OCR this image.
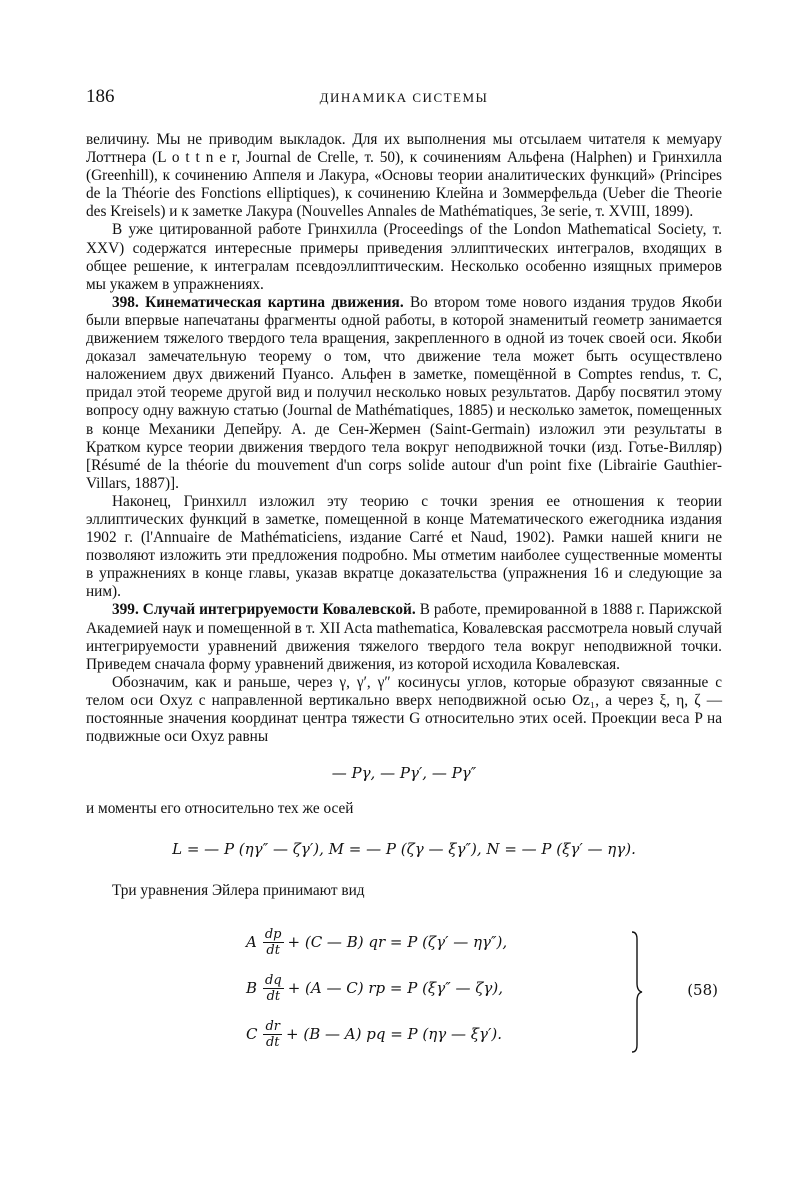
186	ДИНАМИКА СИСТЕМЫ

величину. Мы не приводим выкладок. Для их выполнения мы отсылаем читателя к мемуару Лоттнера (L o t t n e r, Journal de Crelle, т. 50), к сочинениям Альфена (Halphen) и Гринхилла (Greenhill), к сочинению Аппеля и Лакура, «Основы теории аналитических функций» (Principes de la Théorie des Fonctions elliptiques), к сочинению Клейна и Зоммерфельда (Ueber die Theorie des Kreisels) и к заметке Лакура (Nouvelles Annales de Mathématiques, 3e serie, т. XVIII, 1899).

В уже цитированной работе Гринхилла (Proceedings of the London Mathematical Society, т. XXV) содержатся интересные примеры приведения эллиптических интегралов, входящих в общее решение, к интегралам псевдоэллиптическим. Несколько особенно изящных примеров мы укажем в упражнениях.

398. Кинематическая картина движения. Во втором томе нового издания трудов Якоби были впервые напечатаны фрагменты одной работы, в которой знаменитый геометр занимается движением тяжелого твердого тела вращения, закрепленного в одной из точек своей оси. Якоби доказал замечательную теорему о том, что движение тела может быть осуществлено наложением двух движений Пуансо. Альфен в заметке, помещённой в Comptes rendus, т. C, придал этой теореме другой вид и получил несколько новых результатов. Дарбу посвятил этому вопросу одну важную статью (Journal de Mathématiques, 1885) и несколько заметок, помещенных в конце Механики Депейру. А. де Сен-Жермен (Saint-Germain) изложил эти результаты в Кратком курсе теории движения твердого тела вокруг неподвижной точки (изд. Готье-Вилляр) [Résumé de la théorie du mouvement d'un corps solide autour d'un point fixe (Librairie Gauthier-Villars, 1887)].

Наконец, Гринхилл изложил эту теорию с точки зрения ее отношения к теории эллиптических функций в заметке, помещенной в конце Математического ежегодника издания 1902 г. (l'Annuaire de Mathématiciens, издание Carré et Naud, 1902). Рамки нашей книги не позволяют изложить эти предложения подробно. Мы отметим наиболее существенные моменты в упражнениях в конце главы, указав вкратце доказательства (упражнения 16 и следующие за ним).

399. Случай интегрируемости Ковалевской. В работе, премированной в 1888 г. Парижской Академией наук и помещенной в т. XII Acta mathematica, Ковалевская рассмотрела новый случай интегрируемости уравнений движения тяжелого твердого тела вокруг неподвижной точки. Приведем сначала форму уравнений движения, из которой исходила Ковалевская.

Обозначим, как и раньше, через γ, γ′, γ″ косинусы углов, которые образуют связанные с телом оси Oxyz с направленной вертикально вверх неподвижной осью Oz₁, а через ξ, η, ζ — постоянные значения координат центра тяжести G относительно этих осей. Проекции веса P на подвижные оси Oxyz равны

— Pγ, — Pγ′, — Pγ″

и моменты его относительно тех же осей

L = — P (ηγ″ — ζγ′), M = — P (ζγ — ξγ″), N = — P (ξγ′ — ηγ).

Три уравнения Эйлера принимают вид

A $\frac{dp}{dt} + (C$ — B) qr = P (ζγ′ — ηγ″),
B $\frac{dq}{dt} + (A$ — C) rp = P (ξγ″ — ζγ),
C $\frac{dr}{dt} + (B$ — A) pq = P (ηγ — ξγ′).
(58)
